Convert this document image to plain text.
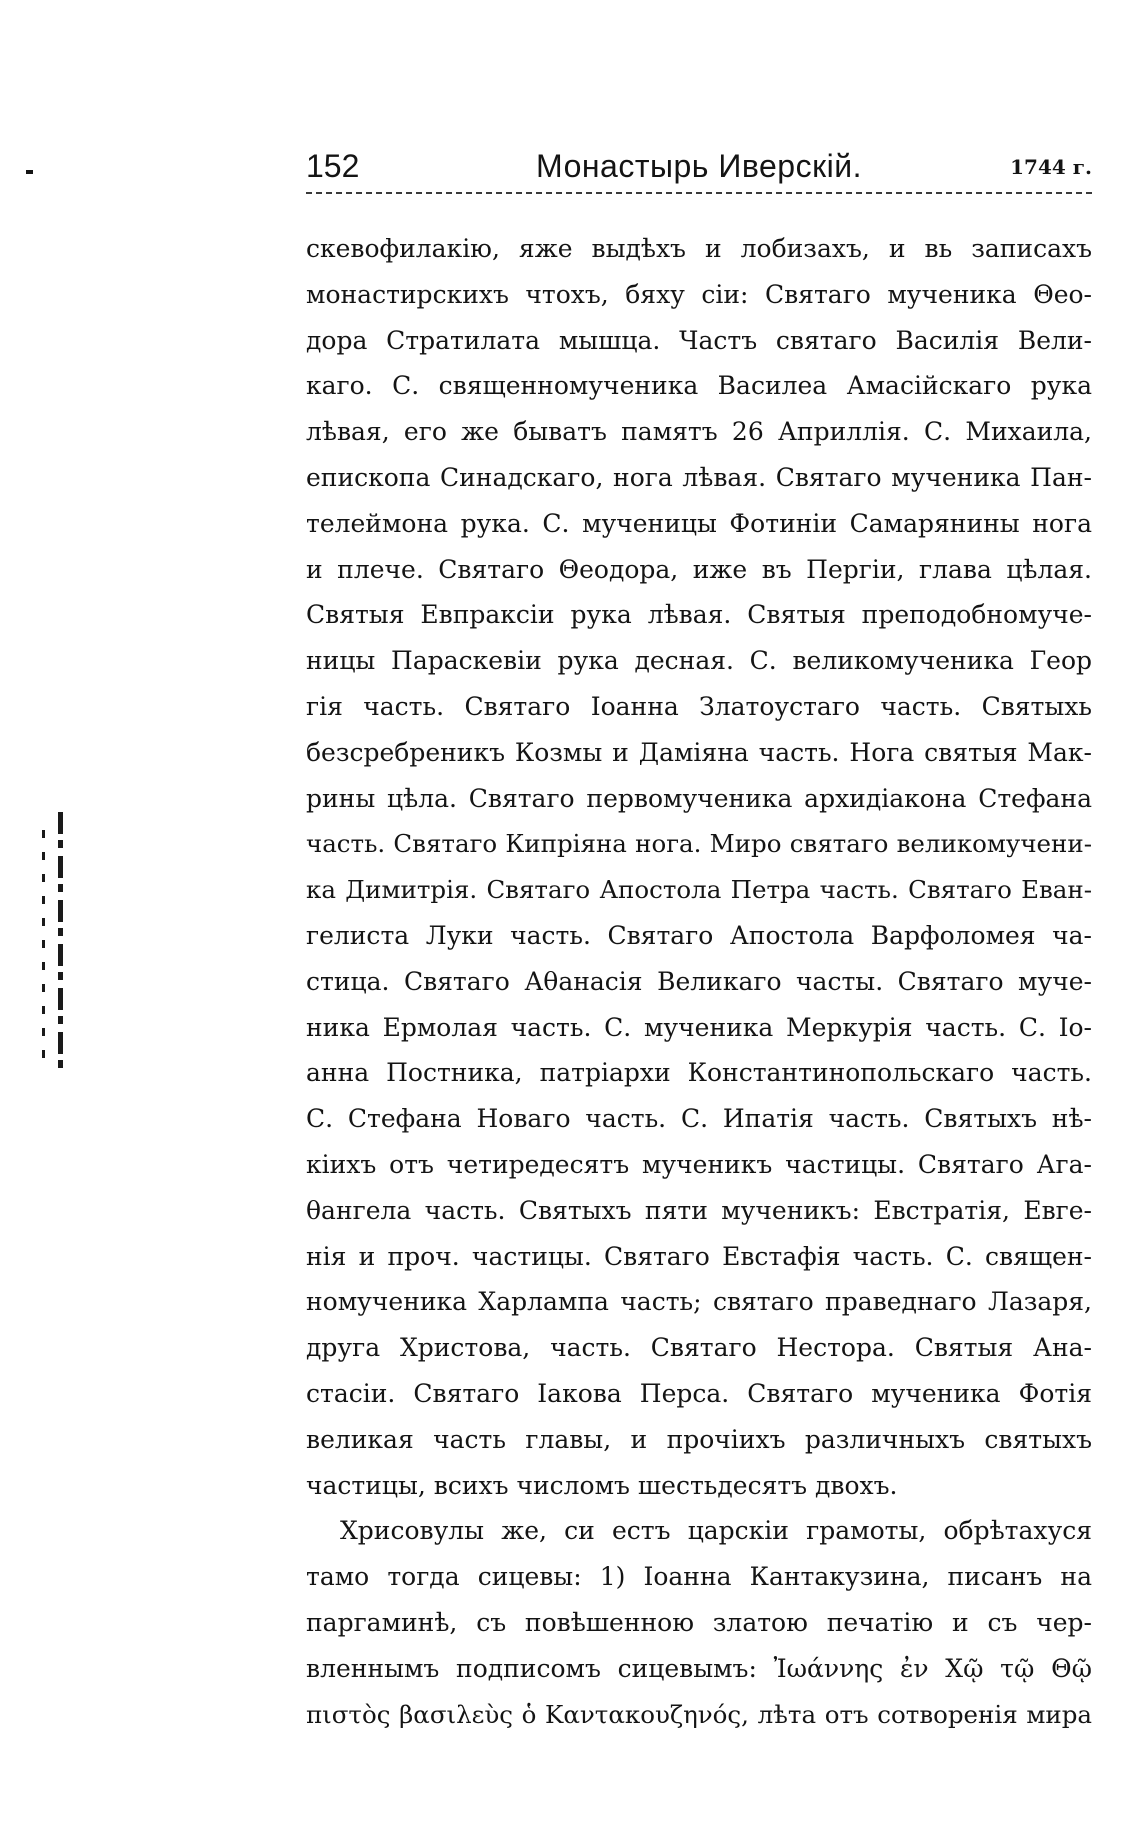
152	Монастырь Иверскій.	1744 г.
скевофилакію, яже выдѣхъ и лобизахъ, и вь записахъ
монастирскихъ чтохъ, бяху сіи: Святаго мученика Θео-
дора Стратилата мышца. Частъ святаго Василія Вели-
каго. С. священномученика Василеа Амасійскаго рука
лѣвая, его же быватъ памятъ 26 Априллія. С. Михаила,
епископа Синадскаго, нога лѣвая. Святаго мученика Пан-
телеймона рука. С. мученицы Фотиніи Самарянины нога
и плече. Святаго Θеодора, иже въ Пергіи, глава цѣлая.
Святыя Евпраксіи рука лѣвая. Святыя преподобномуче-
ницы Параскевіи рука десная. С. великомученика Геор
гія часть. Святаго Іоанна Златоустаго часть. Святыхь
безсребреникъ Козмы и Даміяна часть. Нога святыя Мак-
рины цѣла. Святаго первомученика архидіакона Стефана
часть. Святаго Кипріяна нога. Миро святаго великомучени-
ка Димитрія. Святаго Апостола Петра часть. Святаго Еван-
гелиста Луки часть. Святаго Апостола Варфоломея ча-
стица. Святаго Аθанасія Великаго часты. Святаго муче-
ника Ермолая часть. С. мученика Меркурія часть. С. Іо-
анна Постника, патріархи Константинопольскаго часть.
С. Стефана Новаго часть. С. Ипатія часть. Святыхъ нѣ-
кіихъ отъ четиредесятъ мученикъ частицы. Святаго Ага-
θангела часть. Святыхъ пяти мученикъ: Евстратія, Евге-
нія и проч. частицы. Святаго Евстафія часть. С. священ-
номученика Харлампа часть; святаго праведнаго Лазаря,
друга Христова, часть. Святаго Нестора. Святыя Ана-
стасіи. Святаго Іакова Перса. Святаго мученика Фотія
великая часть главы, и прочіихъ различныхъ святыхъ
частицы, всихъ числомъ шестьдесятъ двохъ.
Хрисовулы же, си естъ царскіи грамоты, обрѣтахуся
тамо тогда сицевы: 1) Іоанна Кантакузина, писанъ на
паргаминѣ, съ повѣшенною златою печатію и съ чер-
вленнымъ подписомъ сицевымъ: Ἰωάννης ἐν Χῷ τῷ Θῷ
πιστὸς βασιλεὺς ὁ Καντακουζηνός, лѣта отъ сотворенія мира
